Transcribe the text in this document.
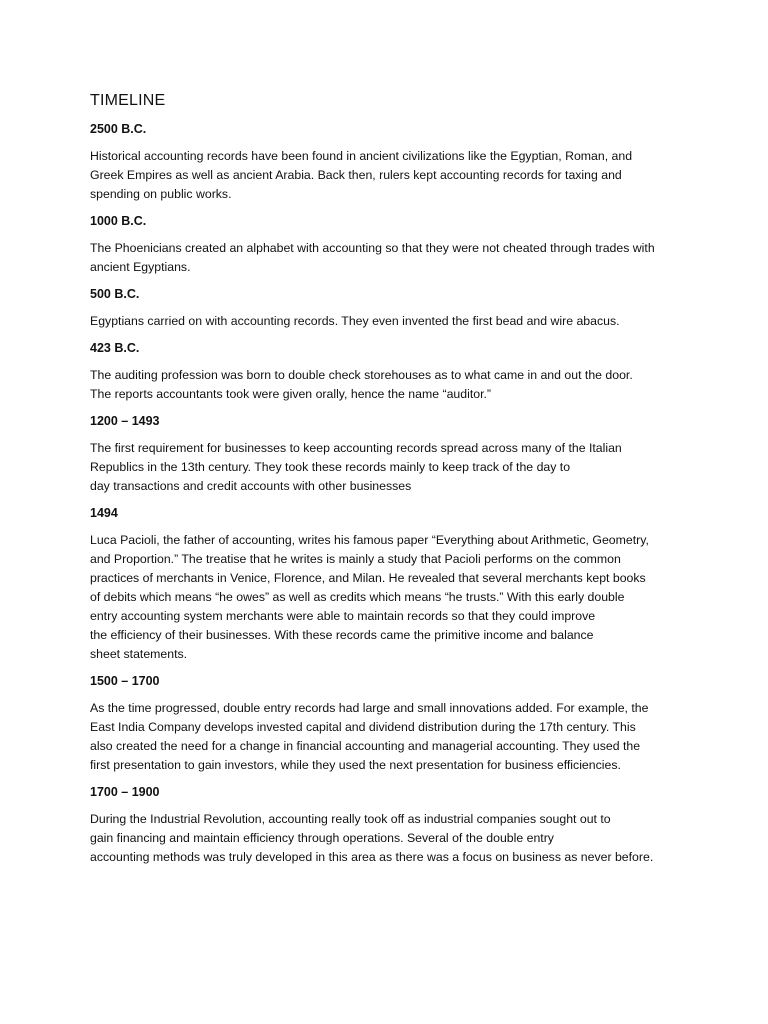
TIMELINE
2500 B.C.
Historical accounting records have been found in ancient civilizations like the Egyptian, Roman, and
Greek Empires as well as ancient Arabia. Back then, rulers kept accounting records for taxing and
spending on public works.
1000 B.C.
The Phoenicians created an alphabet with accounting so that they were not cheated through trades with
ancient Egyptians.
500 B.C.
Egyptians carried on with accounting records. They even invented the first bead and wire abacus.
423 B.C.
The auditing profession was born to double check storehouses as to what came in and out the door.
The reports accountants took were given orally, hence the name “auditor.”
1200 – 1493
The first requirement for businesses to keep accounting records spread across many of the Italian
Republics in the 13th century. They took these records mainly to keep track of the day to
day transactions and credit accounts with other businesses
1494
Luca Pacioli, the father of accounting, writes his famous paper “Everything about Arithmetic, Geometry,
and Proportion.” The treatise that he writes is mainly a study that Pacioli performs on the common
practices of merchants in Venice, Florence, and Milan. He revealed that several merchants kept books
of debits which means “he owes” as well as credits which means “he trusts.” With this early double
entry accounting system merchants were able to maintain records so that they could improve
the efficiency of their businesses. With these records came the primitive income and balance
sheet statements.
1500 – 1700
As the time progressed, double entry records had large and small innovations added. For example, the
East India Company develops invested capital and dividend distribution during the 17th century. This
also created the need for a change in financial accounting and managerial accounting. They used the
first presentation to gain investors, while they used the next presentation for business efficiencies.
1700 – 1900
During the Industrial Revolution, accounting really took off as industrial companies sought out to
gain financing and maintain efficiency through operations. Several of the double entry
accounting methods was truly developed in this area as there was a focus on business as never before.
